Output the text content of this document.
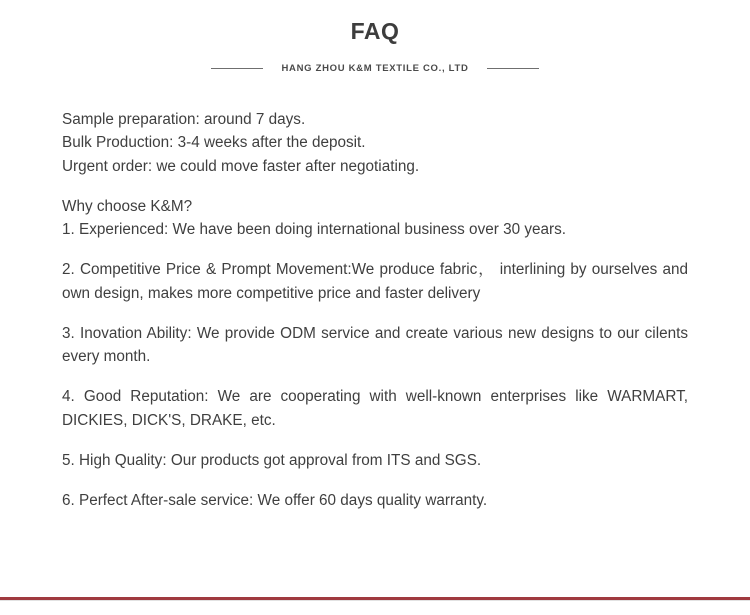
FAQ
HANG ZHOU K&M TEXTILE CO., LTD
Sample preparation: around 7 days.
Bulk Production: 3-4 weeks after the deposit.
Urgent order: we could move faster after negotiating.
Why choose K&M?
1. Experienced: We have been doing international business over 30 years.
2. Competitive Price & Prompt Movement:We produce fabric， interlining by ourselves and own design, makes more competitive price and faster delivery
3. Inovation Ability: We provide ODM service and create various new designs to our cilents every month.
4. Good Reputation: We are cooperating with well-known enterprises like WARMART, DICKIES, DICK'S, DRAKE, etc.
5. High Quality: Our products got approval from ITS and SGS.
6. Perfect After-sale service: We offer 60 days quality warranty.
